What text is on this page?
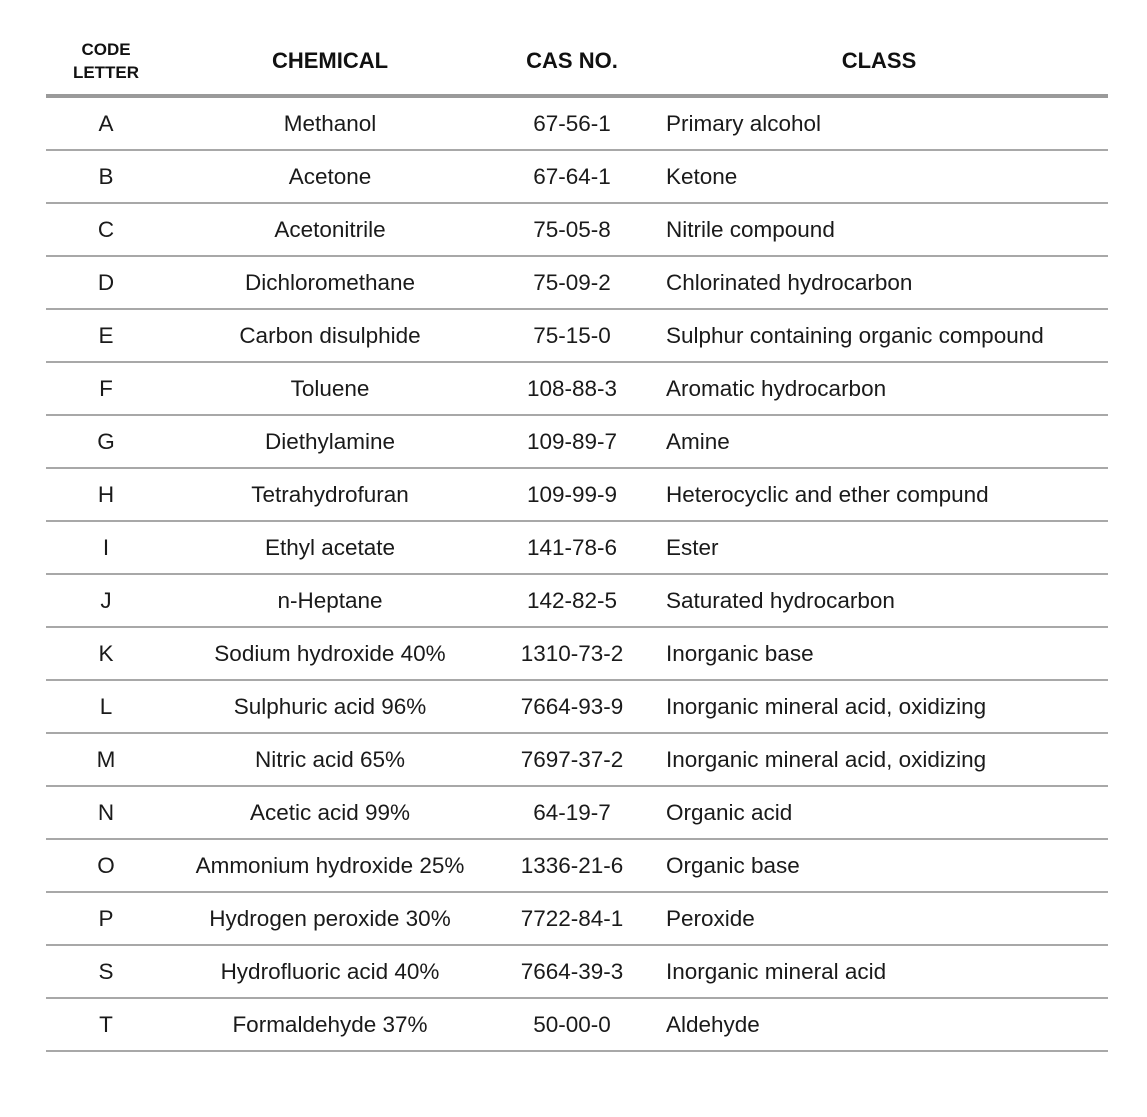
CODE
LETTER	CHEMICAL	CAS NO.	CLASS
A	Methanol	67-56-1	Primary alcohol
B	Acetone	67-64-1	Ketone
C	Acetonitrile	75-05-8	Nitrile compound
D	Dichloromethane	75-09-2	Chlorinated hydrocarbon
E	Carbon disulphide	75-15-0	Sulphur containing organic compound
F	Toluene	108-88-3	Aromatic hydrocarbon
G	Diethylamine	109-89-7	Amine
H	Tetrahydrofuran	109-99-9	Heterocyclic and ether compund
I	Ethyl acetate	141-78-6	Ester
J	n-Heptane	142-82-5	Saturated hydrocarbon
K	Sodium hydroxide 40%	1310-73-2	Inorganic base
L	Sulphuric acid 96%	7664-93-9	Inorganic mineral acid, oxidizing
M	Nitric acid 65%	7697-37-2	Inorganic mineral acid, oxidizing
N	Acetic acid 99%	64-19-7	Organic acid
O	Ammonium hydroxide 25%	1336-21-6	Organic base
P	Hydrogen peroxide 30%	7722-84-1	Peroxide
S	Hydrofluoric acid 40%	7664-39-3	Inorganic mineral acid
T	Formaldehyde 37%	50-00-0	Aldehyde
